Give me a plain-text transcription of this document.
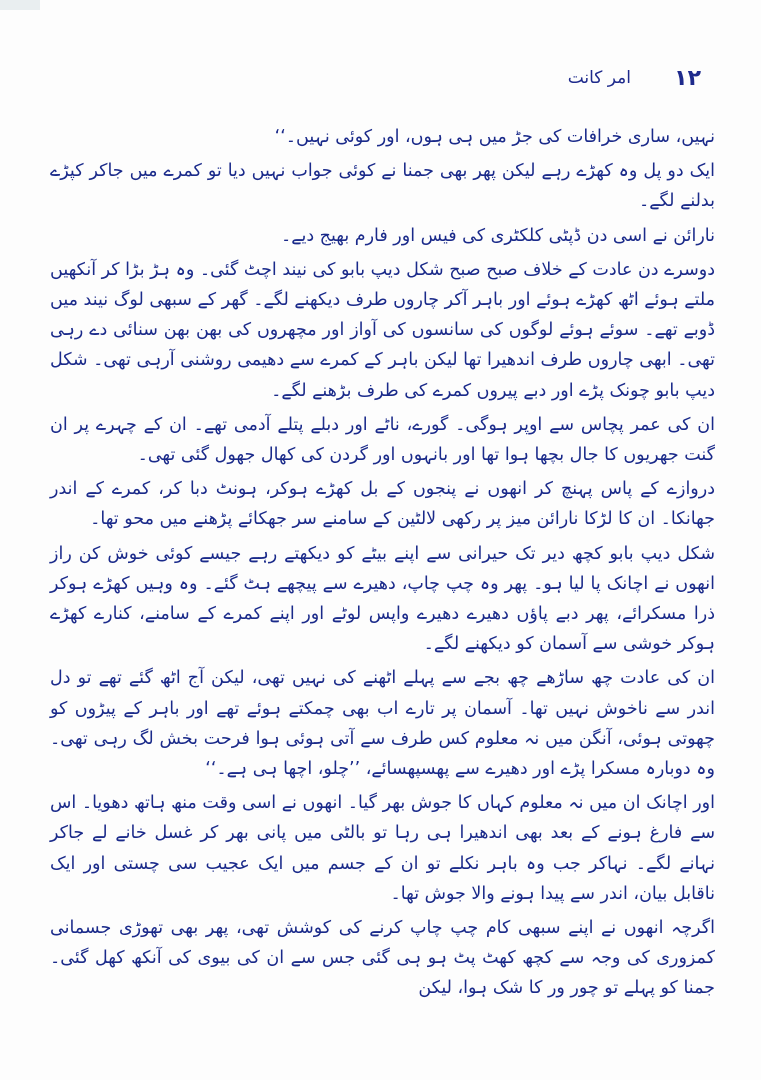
امر کانت ۱۲

نہیں، ساری خرافات کی جڑ میں ہی ہوں، اور کوئی نہیں۔‘‘

ایک دو پل وہ کھڑے رہے لیکن پھر بھی جمنا نے کوئی جواب نہیں دیا تو کمرے میں جاکر کپڑے بدلنے لگے۔

نارائن نے اسی دن ڈپٹی کلکٹری کی فیس اور فارم بھیج دیے۔

دوسرے دن عادت کے خلاف صبح صبح شکل دیپ بابو کی نیند اچٹ گئی۔ وہ ہڑ بڑا کر آنکھیں ملتے ہوئے اٹھ کھڑے ہوئے اور باہر آکر چاروں طرف دیکھنے لگے۔ گھر کے سبھی لوگ نیند میں ڈوبے تھے۔ سوئے ہوئے لوگوں کی سانسوں کی آواز اور مچھروں کی بھن بھن سنائی دے رہی تھی۔ ابھی چاروں طرف اندھیرا تھا لیکن باہر کے کمرے سے دھیمی روشنی آرہی تھی۔ شکل دیپ بابو چونک پڑے اور دبے پیروں کمرے کی طرف بڑھنے لگے۔

ان کی عمر پچاس سے اوپر ہوگی۔ گورے، ناٹے اور دبلے پتلے آدمی تھے۔ ان کے چہرے پر ان گنت جھریوں کا جال بچھا ہوا تھا اور بانہوں اور گردن کی کھال جھول گئی تھی۔

دروازے کے پاس پہنچ کر انھوں نے پنجوں کے بل کھڑے ہوکر، ہونٹ دبا کر، کمرے کے اندر جھانکا۔ ان کا لڑکا نارائن میز پر رکھی لالٹین کے سامنے سر جھکائے پڑھنے میں محو تھا۔

شکل دیپ بابو کچھ دیر تک حیرانی سے اپنے بیٹے کو دیکھتے رہے جیسے کوئی خوش کن راز انھوں نے اچانک پا لیا ہو۔ پھر وہ چپ چاپ، دھیرے سے پیچھے ہٹ گئے۔ وہ وہیں کھڑے ہوکر ذرا مسکرائے، پھر دبے پاؤں دھیرے دھیرے واپس لوٹے اور اپنے کمرے کے سامنے، کنارے کھڑے ہوکر خوشی سے آسمان کو دیکھنے لگے۔

ان کی عادت چھ ساڑھے چھ بجے سے پہلے اٹھنے کی نہیں تھی، لیکن آج اٹھ گئے تھے تو دل اندر سے ناخوش نہیں تھا۔ آسمان پر تارے اب بھی چمکتے ہوئے تھے اور باہر کے پیڑوں کو چھوتی ہوئی، آنگن میں نہ معلوم کس طرف سے آتی ہوئی ہوا فرحت بخش لگ رہی تھی۔ وہ دوبارہ مسکرا پڑے اور دھیرے سے پھسپھسائے، ’’چلو، اچھا ہی ہے۔‘‘

اور اچانک ان میں نہ معلوم کہاں کا جوش بھر گیا۔ انھوں نے اسی وقت منھ ہاتھ دھویا۔ اس سے فارغ ہونے کے بعد بھی اندھیرا ہی رہا تو بالٹی میں پانی بھر کر غسل خانے لے جاکر نہانے لگے۔ نہاکر جب وہ باہر نکلے تو ان کے جسم میں ایک عجیب سی چستی اور ایک ناقابل بیان، اندر سے پیدا ہونے والا جوش تھا۔

اگرچہ انھوں نے اپنے سبھی کام چپ چاپ کرنے کی کوشش تھی، پھر بھی تھوڑی جسمانی کمزوری کی وجہ سے کچھ کھٹ پٹ ہو ہی گئی جس سے ان کی بیوی کی آنکھ کھل گئی۔ جمنا کو پہلے تو چور ور کا شک ہوا، لیکن
